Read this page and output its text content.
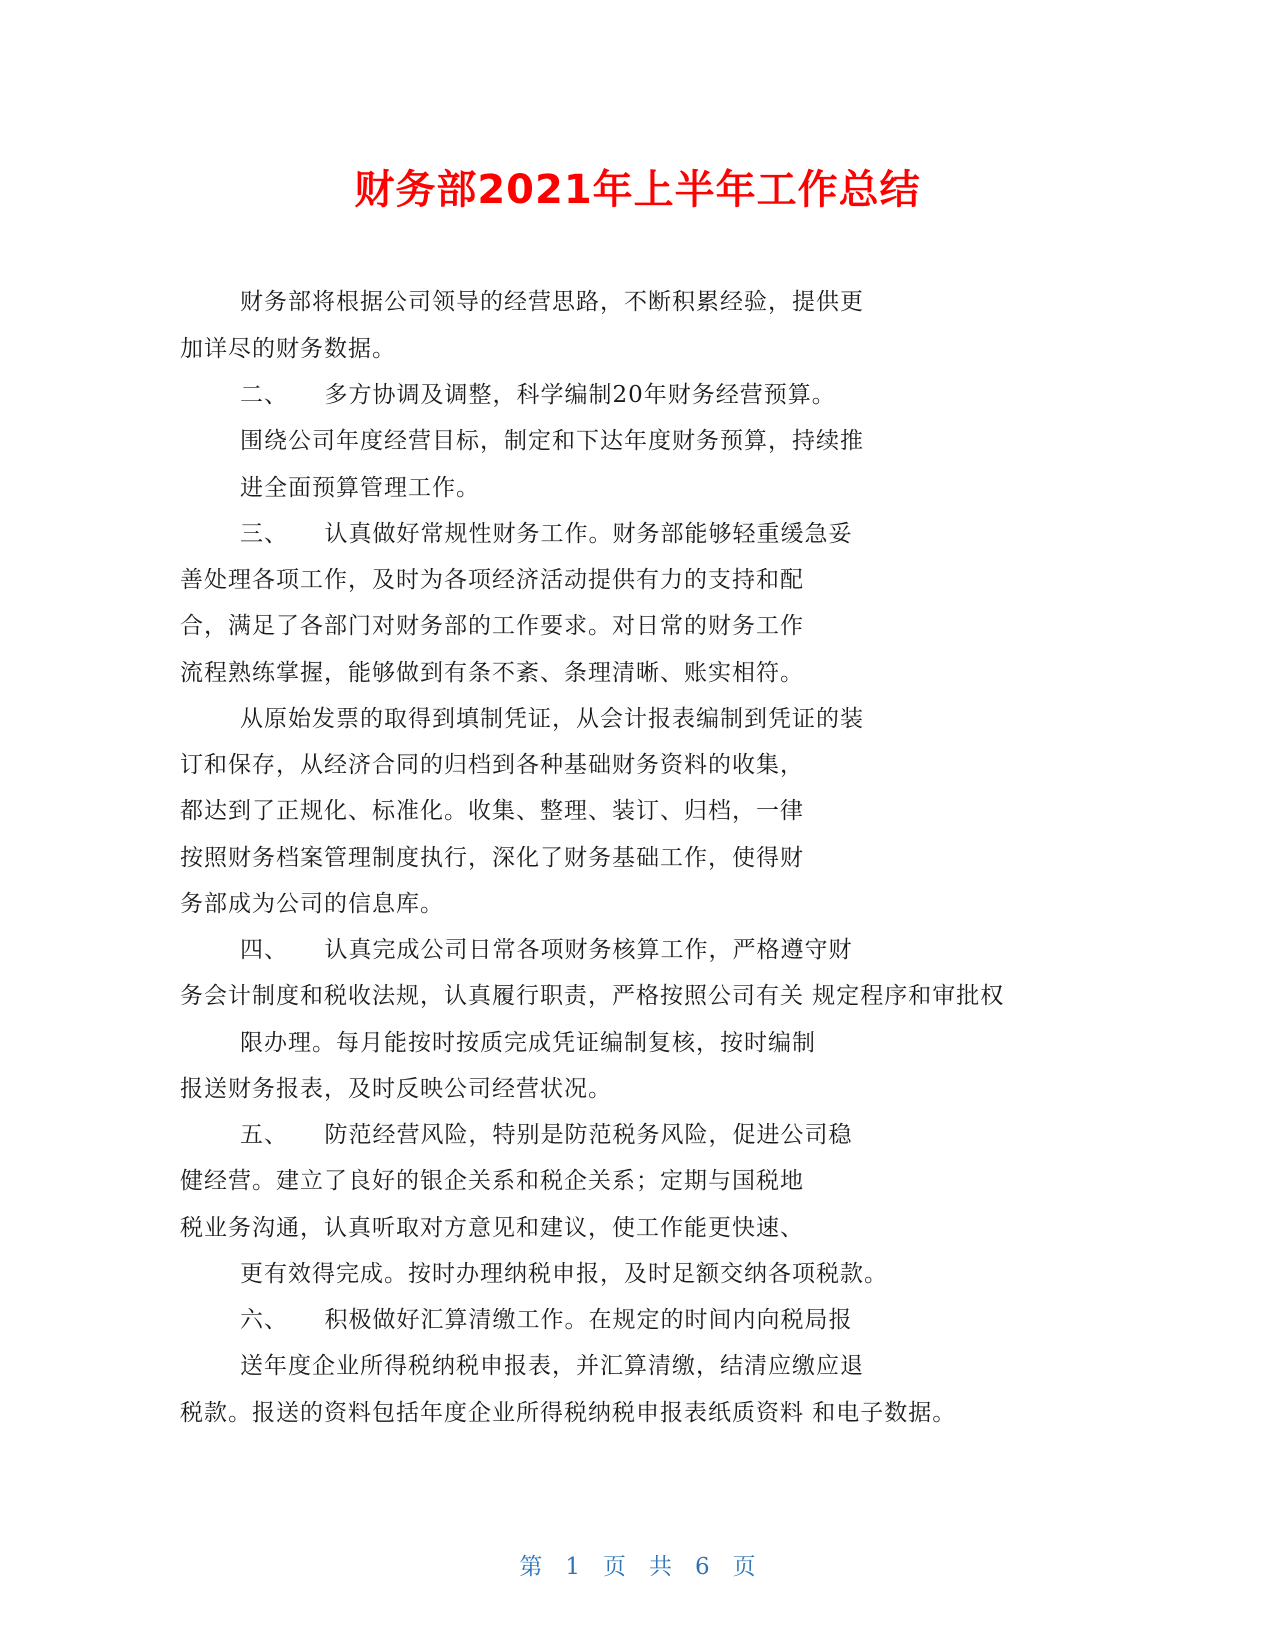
财务部2021年上半年工作总结
财务部将根据公司领导的经营思路，不断积累经验，提供更
加详尽的财务数据。
二、　　多方协调及调整，科学编制20年财务经营预算。
围绕公司年度经营目标，制定和下达年度财务预算，持续推
进全面预算管理工作。
三、　　认真做好常规性财务工作。财务部能够轻重缓急妥
善处理各项工作，及时为各项经济活动提供有力的支持和配
合，满足了各部门对财务部的工作要求。对日常的财务工作
流程熟练掌握，能够做到有条不紊、条理清晰、账实相符。
从原始发票的取得到填制凭证，从会计报表编制到凭证的装
订和保存，从经济合同的归档到各种基础财务资料的收集，
都达到了正规化、标准化。收集、整理、装订、归档，一律
按照财务档案管理制度执行，深化了财务基础工作，使得财
务部成为公司的信息库。
四、　　认真完成公司日常各项财务核算工作，严格遵守财
务会计制度和税收法规，认真履行职责，严格按照公司有关 规定程序和审批权
限办理。每月能按时按质完成凭证编制复核，按时编制
报送财务报表，及时反映公司经营状况。
五、　　防范经营风险，特别是防范税务风险，促进公司稳
健经营。建立了良好的银企关系和税企关系；定期与国税地
税业务沟通，认真听取对方意见和建议，使工作能更快速、
更有效得完成。按时办理纳税申报，及时足额交纳各项税款。
六、　　积极做好汇算清缴工作。在规定的时间内向税局报
送年度企业所得税纳税申报表，并汇算清缴，结清应缴应退
税款。报送的资料包括年度企业所得税纳税申报表纸质资料 和电子数据。
第　1　页　共　6　页
